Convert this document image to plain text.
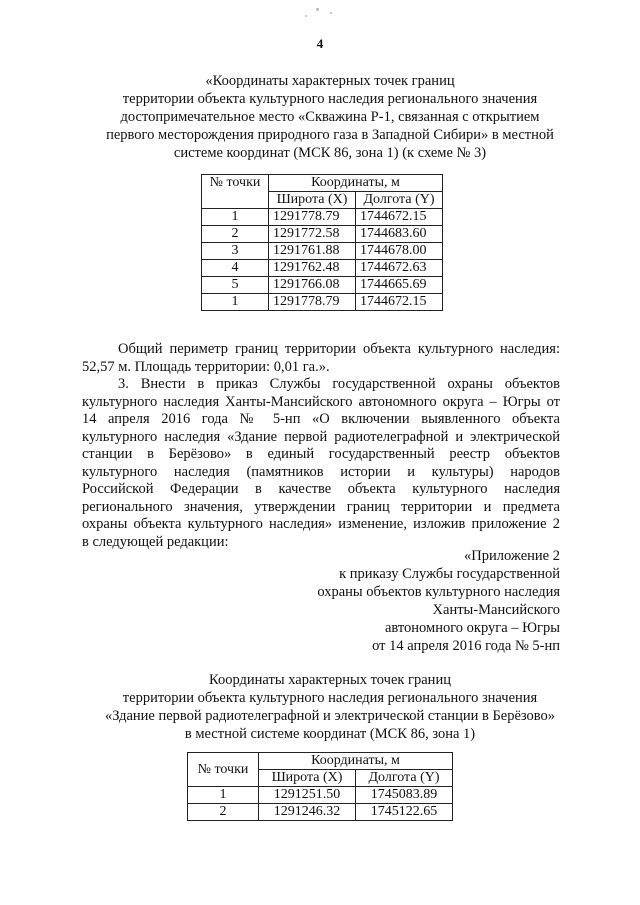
4
«Координаты характерных точек границ
территории объекта культурного наследия регионального значения
достопримечательное место «Скважина Р-1, связанная с открытием
первого месторождения природного газа в Западной Сибири» в местной
системе координат (МСК 86, зона 1) (к схеме № 3)
№ точки	Координаты, м	
	Широта (Х)	Долгота (Y)
1	1291778.79	1744672.15
2	1291772.58	1744683.60
3	1291761.88	1744678.00
4	1291762.48	1744672.63
5	1291766.08	1744665.69
1	1291778.79	1744672.15
Общий периметр границ территории объекта культурного наследия:
52,57 м. Площадь территории: 0,01 га.».
3. Внести в приказ Службы государственной охраны объектов
культурного наследия Ханты-Мансийского автономного округа – Югры от
14 апреля 2016 года № 5-нп «О включении выявленного объекта
культурного наследия «Здание первой радиотелеграфной и электрической
станции в Берёзово» в единый государственный реестр объектов
культурного наследия (памятников истории и культуры) народов
Российской Федерации в качестве объекта культурного наследия
регионального значения, утверждении границ территории и предмета
охраны объекта культурного наследия» изменение, изложив приложение 2
в следующей редакции:
«Приложение 2
к приказу Службы государственной
охраны объектов культурного наследия
Ханты-Мансийского
автономного округа – Югры
от 14 апреля 2016 года № 5-нп
Координаты характерных точек границ
территории объекта культурного наследия регионального значения
«Здание первой радиотелеграфной и электрической станции в Берёзово»
в местной системе координат (МСК 86, зона 1)
№ точки	Координаты, м	
	Широта (Х)	Долгота (Y)
1	1291251.50	1745083.89
2	1291246.32	1745122.65
